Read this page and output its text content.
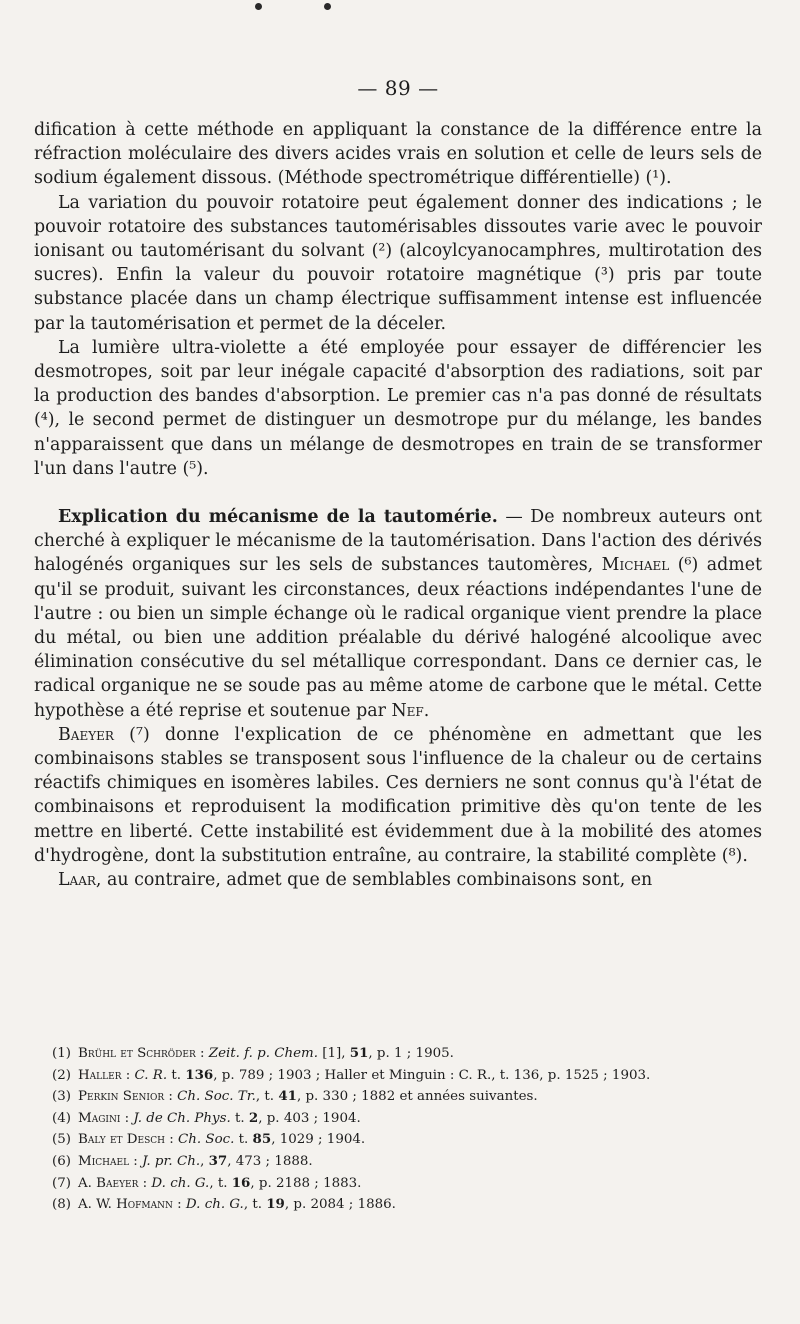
— 89 —

dification à cette méthode en appliquant la constance de la différence entre la réfraction moléculaire des divers acides vrais en solution et celle de leurs sels de sodium également dissous. (Méthode spectrométrique différentielle) (¹).

La variation du pouvoir rotatoire peut également donner des indications ; le pouvoir rotatoire des substances tautomérisables dissoutes varie avec le pouvoir ionisant ou tautomérisant du solvant (²) (alcoylcyanocamphres, multirotation des sucres). Enfin la valeur du pouvoir rotatoire magnétique (³) pris par toute substance placée dans un champ électrique suffisamment intense est influencée par la tautomérisation et permet de la déceler.

La lumière ultra-violette a été employée pour essayer de différencier les desmotropes, soit par leur inégale capacité d'absorption des radiations, soit par la production des bandes d'absorption. Le premier cas n'a pas donné de résultats (⁴), le second permet de distinguer un desmotrope pur du mélange, les bandes n'apparaissent que dans un mélange de desmotropes en train de se transformer l'un dans l'autre (⁵).

Explication du mécanisme de la tautomérie. — De nombreux auteurs ont cherché à expliquer le mécanisme de la tautomérisation. Dans l'action des dérivés halogénés organiques sur les sels de substances tautomères, Michael (⁶) admet qu'il se produit, suivant les circonstances, deux réactions indépendantes l'une de l'autre : ou bien un simple échange où le radical organique vient prendre la place du métal, ou bien une addition préalable du dérivé halogéné alcoolique avec élimination consécutive du sel métallique correspondant. Dans ce dernier cas, le radical organique ne se soude pas au même atome de carbone que le métal. Cette hypothèse a été reprise et soutenue par Nef.

Baeyer (⁷) donne l'explication de ce phénomène en admettant que les combinaisons stables se transposent sous l'influence de la chaleur ou de certains réactifs chimiques en isomères labiles. Ces derniers ne sont connus qu'à l'état de combinaisons et reproduisent la modification primitive dès qu'on tente de les mettre en liberté. Cette instabilité est évidemment due à la mobilité des atomes d'hydrogène, dont la substitution entraîne, au contraire, la stabilité complète (⁸).

Laar, au contraire, admet que de semblables combinaisons sont, en

(1) Brühl et Schröder : Zeit. f. p. Chem. [1], 51, p. 1 ; 1905.
(2) Haller : C. R. t. 136, p. 789 ; 1903 ; Haller et Minguin : C. R., t. 136, p. 1525 ; 1903.
(3) Perkin Senior : Ch. Soc. Tr., t. 41, p. 330 ; 1882 et années suivantes.
(4) Magini : J. de Ch. Phys. t. 2, p. 403 ; 1904.
(5) Baly et Desch : Ch. Soc. t. 85, 1029 ; 1904.
(6) Michael : J. pr. Ch., 37, 473 ; 1888.
(7) A. Baeyer : D. ch. G., t. 16, p. 2188 ; 1883.
(8) A. W. Hofmann : D. ch. G., t. 19, p. 2084 ; 1886.
